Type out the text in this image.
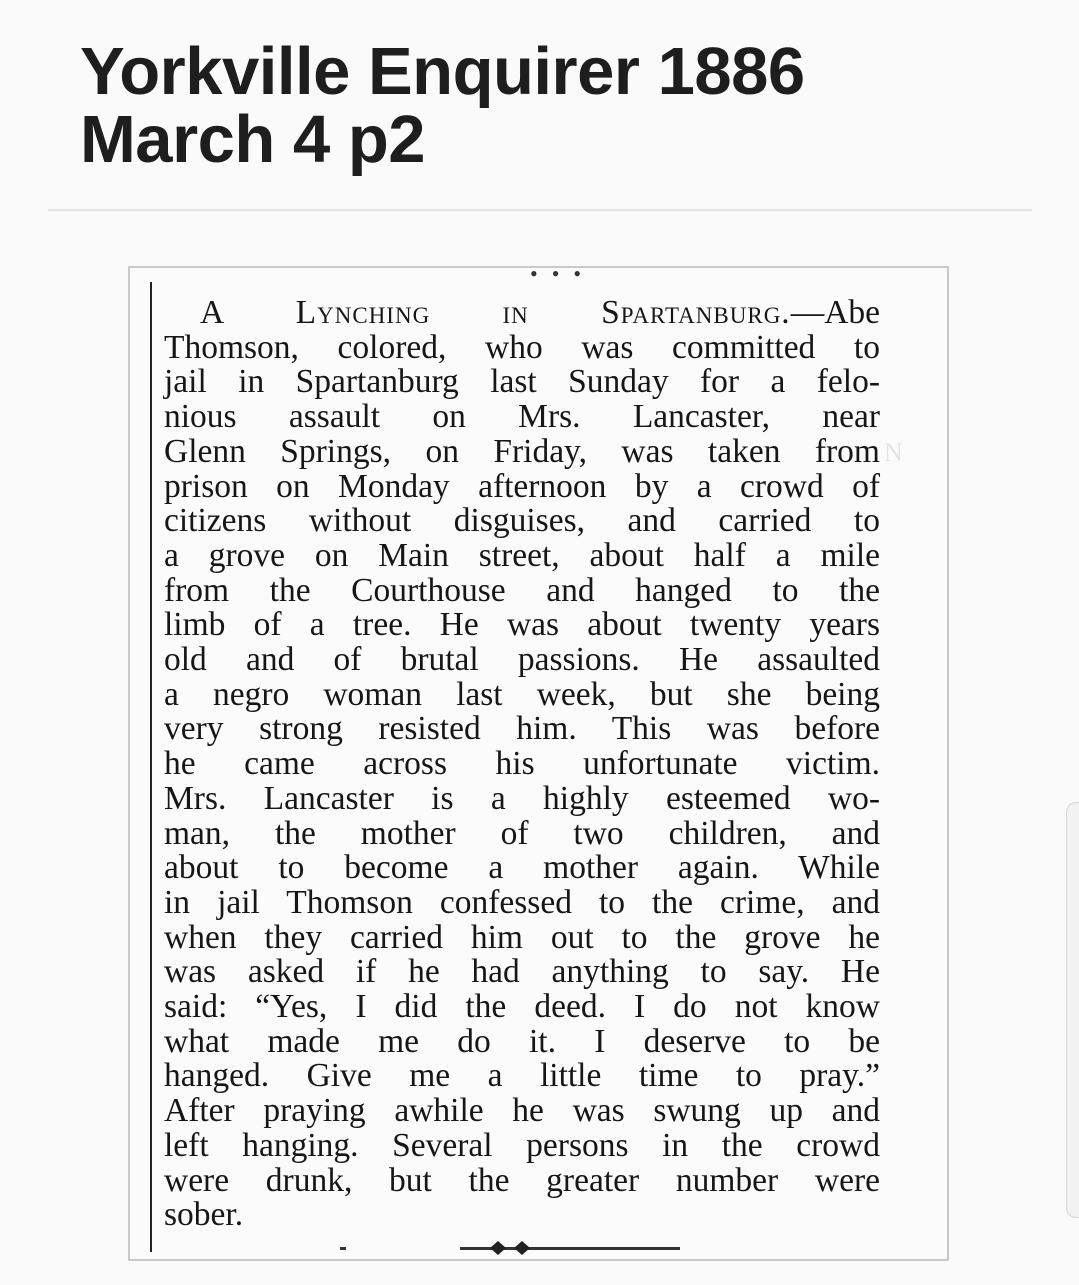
Yorkville Enquirer 1886
March 4 p2
•••
A Lynching in Spartanburg.—Abe
Thomson, colored, who was committed to
jail in Spartanburg last Sunday for a felo-
nious assault on Mrs. Lancaster, near
Glenn Springs, on Friday, was taken from
prison on Monday afternoon by a crowd of
citizens without disguises, and carried to
a grove on Main street, about half a mile
from the Courthouse and hanged to the
limb of a tree. He was about twenty years
old and of brutal passions. He assaulted
a negro woman last week, but she being
very strong resisted him. This was before
he came across his unfortunate victim.
Mrs. Lancaster is a highly esteemed wo-
man, the mother of two children, and
about to become a mother again. While
in jail Thomson confessed to the crime, and
when they carried him out to the grove he
was asked if he had anything to say. He
said: “Yes, I did the deed. I do not know
what made me do it. I deserve to be
hanged. Give me a little time to pray.”
After praying awhile he was swung up and
left hanging. Several persons in the crowd
were drunk, but the greater number were
sober.
N
